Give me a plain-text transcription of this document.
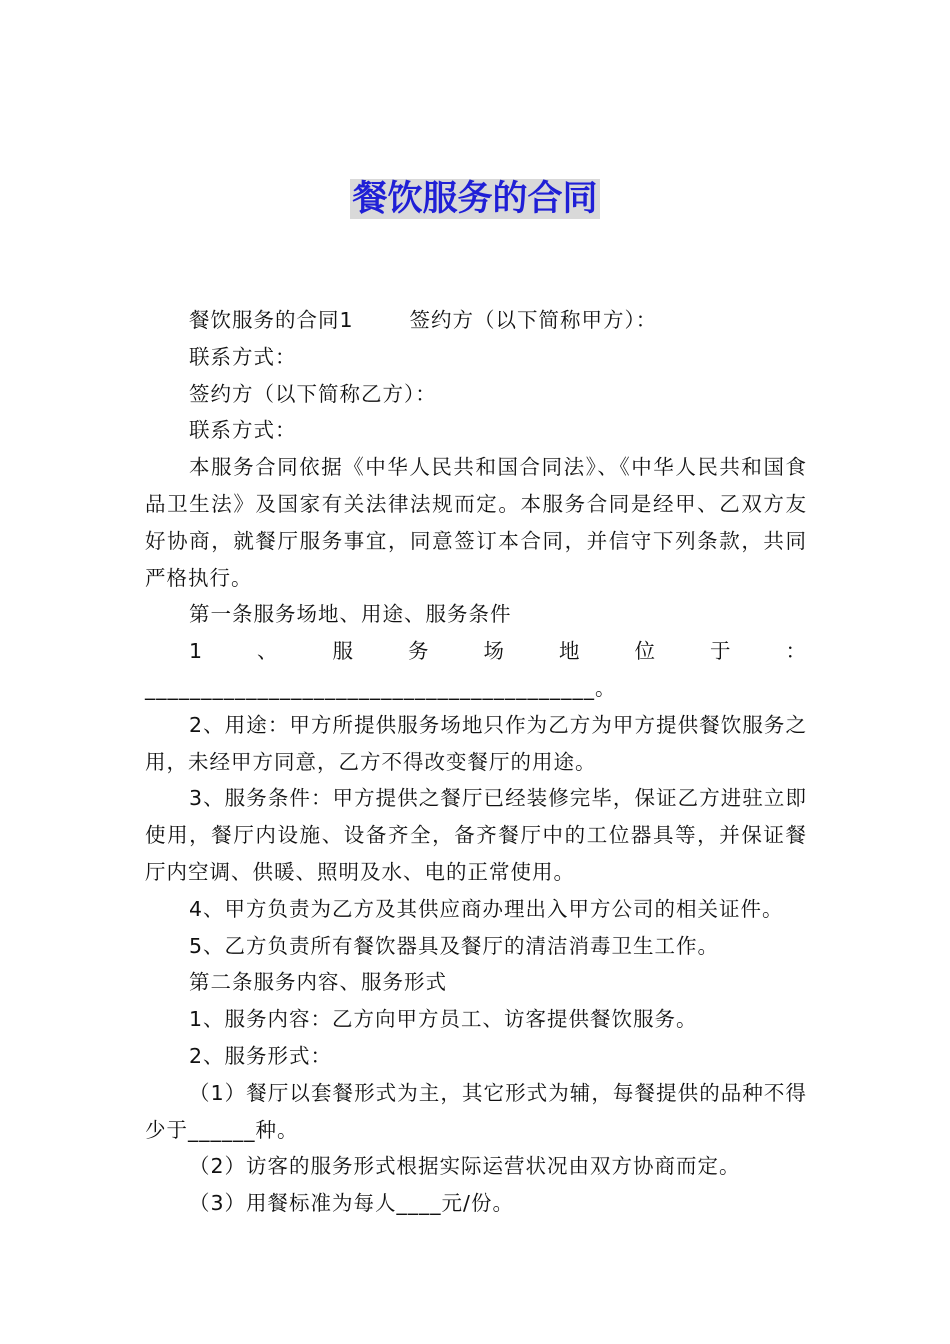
餐饮服务的合同

餐饮服务的合同1	签约方（以下简称甲方）：

联系方式：

签约方（以下简称乙方）：

联系方式：

本服务合同依据《中华人民共和国合同法》、《中华人民共和国食品卫生法》及国家有关法律法规而定。本服务合同是经甲、乙双方友好协商，就餐厅服务事宜，同意签订本合同，并信守下列条款，共同严格执行。

第一条服务场地、用途、服务条件

1、服务场地位于：________________________________________。

2、用途：甲方所提供服务场地只作为乙方为甲方提供餐饮服务之用，未经甲方同意，乙方不得改变餐厅的用途。

3、服务条件：甲方提供之餐厅已经装修完毕，保证乙方进驻立即使用，餐厅内设施、设备齐全，备齐餐厅中的工位器具等，并保证餐厅内空调、供暖、照明及水、电的正常使用。

4、甲方负责为乙方及其供应商办理出入甲方公司的相关证件。

5、乙方负责所有餐饮器具及餐厅的清洁消毒卫生工作。

第二条服务内容、服务形式

1、服务内容：乙方向甲方员工、访客提供餐饮服务。

2、服务形式：

（1）餐厅以套餐形式为主，其它形式为辅，每餐提供的品种不得少于______种。

（2）访客的服务形式根据实际运营状况由双方协商而定。

（3）用餐标准为每人____元/份。
